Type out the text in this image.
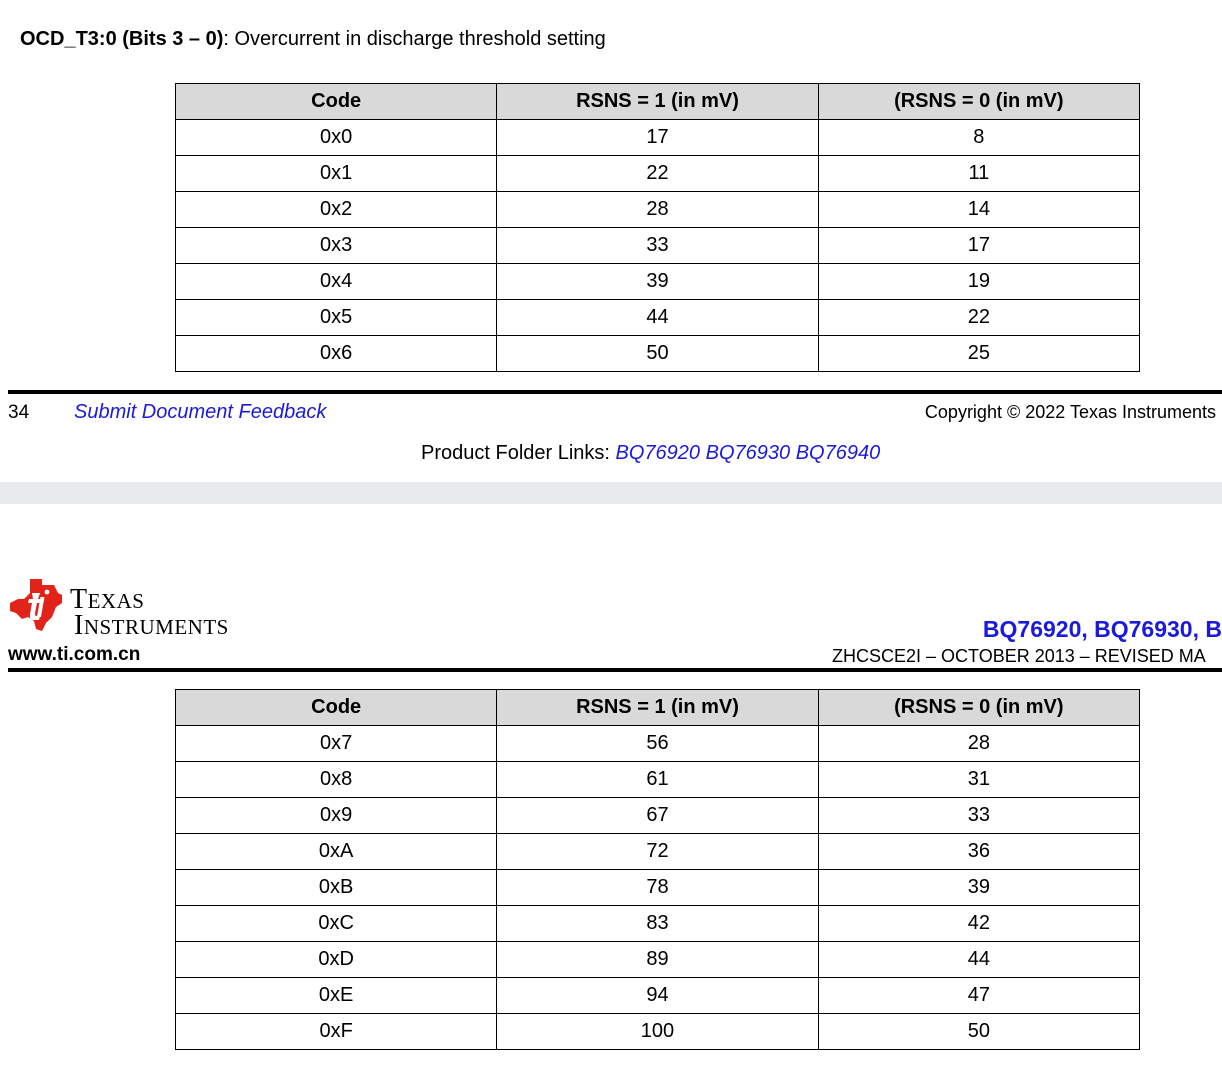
OCD_T3:0 (Bits 3 – 0): Overcurrent in discharge threshold setting
Code	RSNS = 1 (in mV)	(RSNS = 0 (in mV)
0x0	17	8
0x1	22	11
0x2	28	14
0x3	33	17
0x4	39	19
0x5	44	22
0x6	50	25
34 Submit Document Feedback	Copyright © 2022 Texas Instruments
Product Folder Links: BQ76920 BQ76930 BQ76940
TEXAS
INSTRUMENTS
www.ti.com.cn
BQ76920, BQ76930, B
ZHCSCE2I – OCTOBER 2013 – REVISED MA
Code	RSNS = 1 (in mV)	(RSNS = 0 (in mV)
0x7	56	28
0x8	61	31
0x9	67	33
0xA	72	36
0xB	78	39
0xC	83	42
0xD	89	44
0xE	94	47
0xF	100	50
